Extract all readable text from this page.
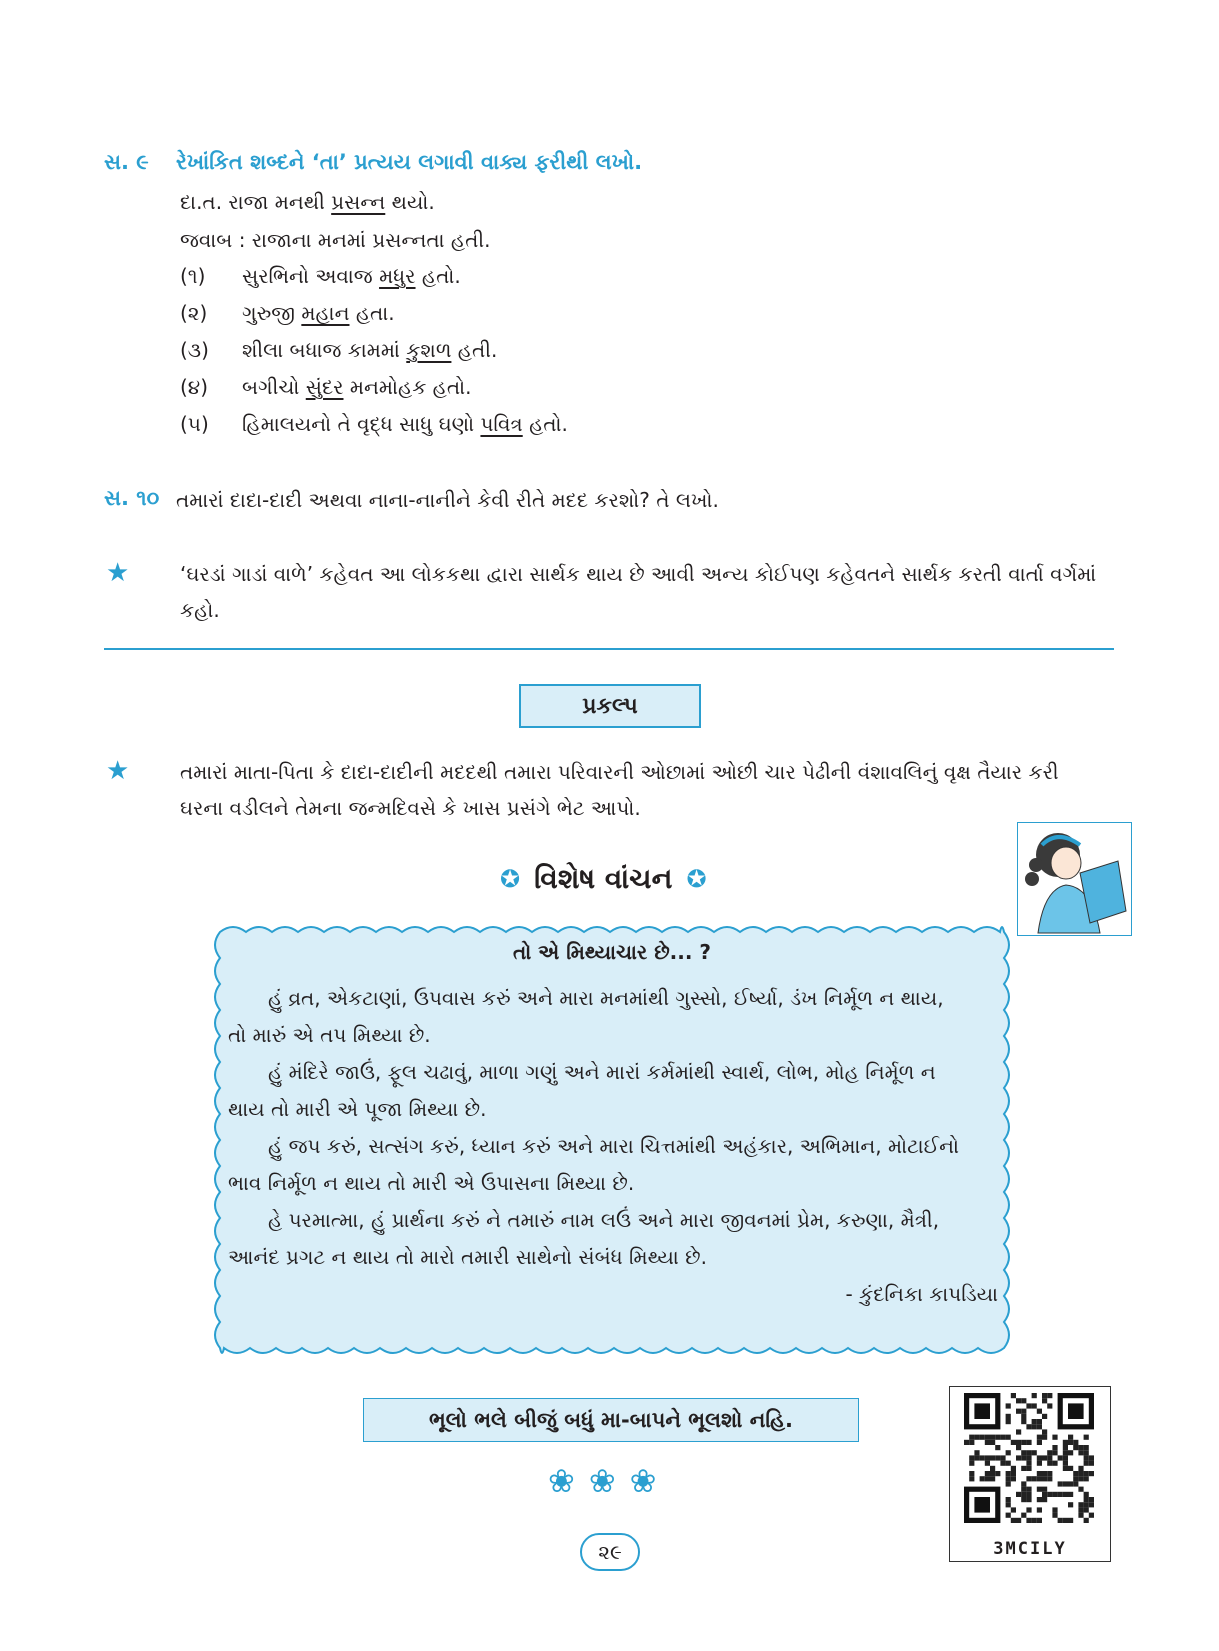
સ. ૯ રેખાંકિત શબ્દને ‘તા’ પ્રત્યય લગાવી વાક્ય ફરીથી લખો.
દા.ત. રાજા મનથી પ્રસન્ન થયો.
જવાબ : રાજાના મનમાં પ્રસન્નતા હતી.
(૧) સુરભિનો અવાજ મધુર હતો.
(૨) ગુરુજી મહાન હતા.
(૩) શીલા બધાજ કામમાં કુશળ હતી.
(૪) બગીચો સુંદર મનમોહક હતો.
(૫) હિમાલયનો તે વૃદ્ધ સાધુ ઘણો પવિત્ર હતો.
સ. ૧૦ તમારાં દાદા-દાદી અથવા નાના-નાનીને કેવી રીતે મદદ કરશો? તે લખો.
★	‘ઘરડાં ગાડાં વાળે’ કહેવત આ લોકકથા દ્વારા સાર્થક થાય છે આવી અન્ય કોઈપણ કહેવતને સાર્થક કરતી વાર્તા વર્ગમાં
કહો.
પ્રકલ્પ
★	તમારાં માતા-પિતા કે દાદા-દાદીની મદદથી તમારા પરિવારની ઓછામાં ઓછી ચાર પેઢીની વંશાવલિનું વૃક્ષ તૈયાર કરી
ઘરના વડીલને તેમના જન્મદિવસે કે ખાસ પ્રસંગે ભેટ આપો.
✪ વિશેષ વાંચન ✪
તો એ મિથ્યાચાર છે... ?
હું વ્રત, એકટાણાં, ઉપવાસ કરું અને મારા મનમાંથી ગુસ્સો, ઈર્ષ્યા, ડંખ નિર્મૂળ ન થાય,
તો મારું એ તપ મિથ્યા છે.
હું મંદિરે જાઉં, ફૂલ ચઢાવું, માળા ગણું અને મારાં કર્મમાંથી સ્વાર્થ, લોભ, મોહ નિર્મૂળ ન
થાય તો મારી એ પૂજા મિથ્યા છે.
હું જપ કરું, સત્સંગ કરું, ધ્યાન કરું અને મારા ચિત્તમાંથી અહંકાર, અભિમાન, મોટાઈનો
ભાવ નિર્મૂળ ન થાય તો મારી એ ઉપાસના મિથ્યા છે.
હે પરમાત્મા, હું પ્રાર્થના કરું ને તમારું નામ લઉં અને મારા જીવનમાં પ્રેમ, કરુણા, મૈત્રી,
આનંદ પ્રગટ ન થાય તો મારો તમારી સાથેનો સંબંધ મિથ્યા છે.
- કુંદનિકા કાપડિયા
ભૂલો ભલે બીજું બધું મા-બાપને ભૂલશો નહિ.
❀ ❀ ❀
૨૯	3MCILY
